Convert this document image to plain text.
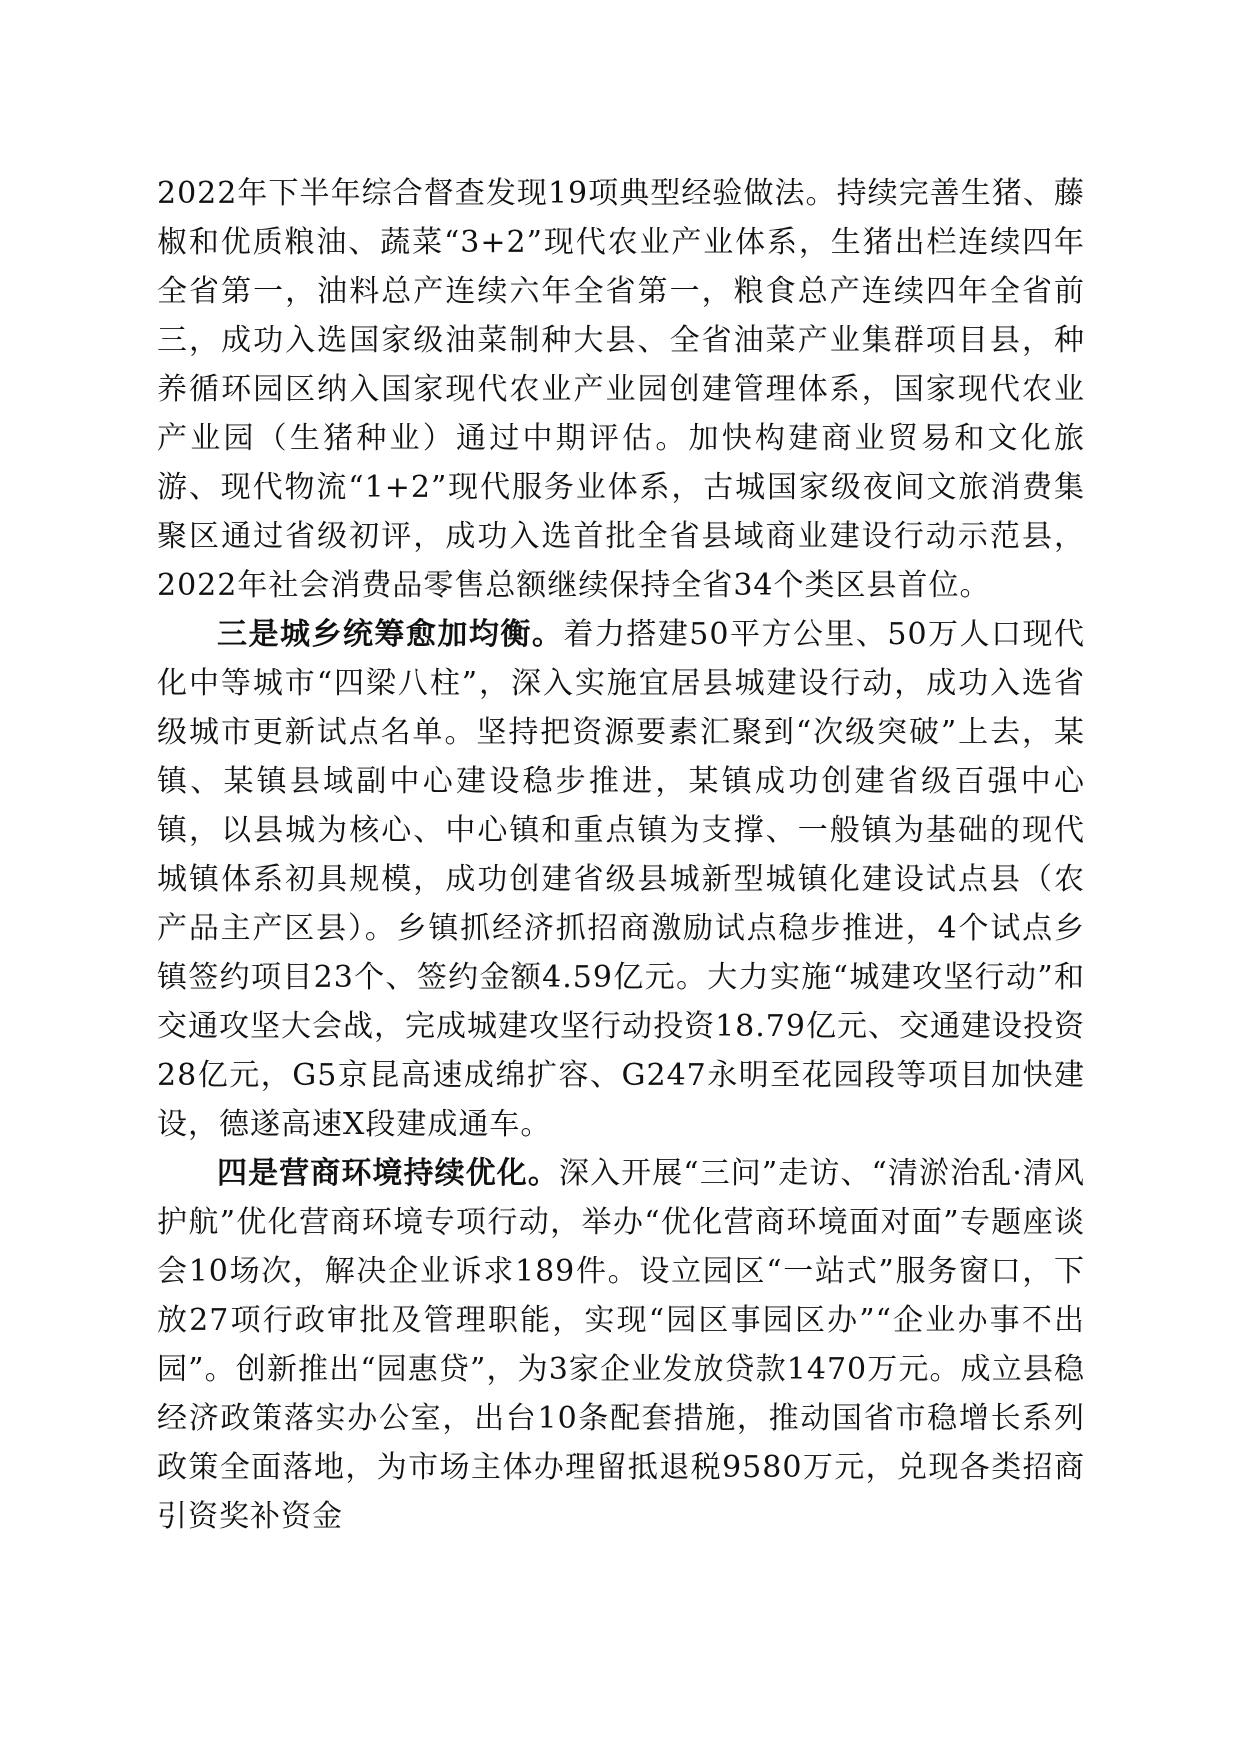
2022年下半年综合督查发现19项典型经验做法。持续完善生猪、藤椒和优质粮油、蔬菜“3+2”现代农业产业体系，生猪出栏连续四年全省第一，油料总产连续六年全省第一，粮食总产连续四年全省前三，成功入选国家级油菜制种大县、全省油菜产业集群项目县，种养循环园区纳入国家现代农业产业园创建管理体系，国家现代农业产业园（生猪种业）通过中期评估。加快构建商业贸易和文化旅游、现代物流“1+2”现代服务业体系，古城国家级夜间文旅消费集聚区通过省级初评，成功入选首批全省县域商业建设行动示范县，2022年社会消费品零售总额继续保持全省34个类区县首位。

三是城乡统筹愈加均衡。着力搭建50平方公里、50万人口现代化中等城市“四梁八柱”，深入实施宜居县城建设行动，成功入选省级城市更新试点名单。坚持把资源要素汇聚到“次级突破”上去，某镇、某镇县域副中心建设稳步推进，某镇成功创建省级百强中心镇，以县城为核心、中心镇和重点镇为支撑、一般镇为基础的现代城镇体系初具规模，成功创建省级县城新型城镇化建设试点县（农产品主产区县）。乡镇抓经济抓招商激励试点稳步推进，4个试点乡镇签约项目23个、签约金额4.59亿元。大力实施“城建攻坚行动”和交通攻坚大会战，完成城建攻坚行动投资18.79亿元、交通建设投资28亿元，G5京昆高速成绵扩容、G247永明至花园段等项目加快建设，德遂高速X段建成通车。

四是营商环境持续优化。深入开展“三问”走访、“清淤治乱·清风护航”优化营商环境专项行动，举办“优化营商环境面对面”专题座谈会10场次，解决企业诉求189件。设立园区“一站式”服务窗口，下放27项行政审批及管理职能，实现“园区事园区办”“企业办事不出园”。创新推出“园惠贷”，为3家企业发放贷款1470万元。成立县稳经济政策落实办公室，出台10条配套措施，推动国省市稳增长系列政策全面落地，为市场主体办理留抵退税9580万元，兑现各类招商引资奖补资金
